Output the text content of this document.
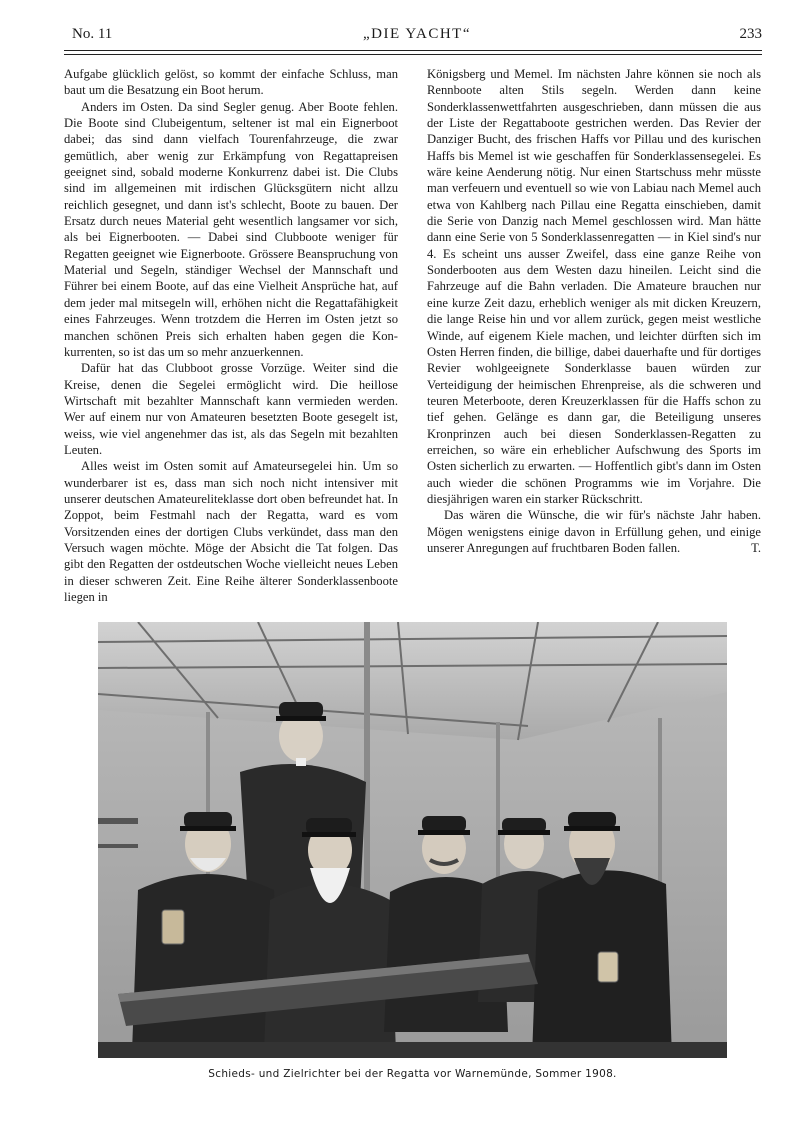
No. 11	„DIE YACHT“	233

Aufgabe glücklich gelöst, so kommt der einfache Schluss, man baut um die Besatzung ein Boot herum.

Anders im Osten. Da sind Segler genug. Aber Boote fehlen. Die Boote sind Clubeigentum, seltener ist mal ein Eignerboot dabei; das sind dann vielfach Tourenfahrzeuge, die zwar gemütlich, aber wenig zur Erkämpfung von Regattapreisen geeignet sind, sobald moderne Konkurrenz dabei ist. Die Clubs sind im allgemeinen mit irdischen Glücksgütern nicht allzu reichlich gesegnet, und dann ist's schlecht, Boote zu bauen. Der Ersatz durch neues Material geht wesentlich langsamer vor sich, als bei Eignerbooten. — Dabei sind Clubboote weniger für Regatten geeignet wie Eignerboote. Grössere Beanspruchung von Material und Segeln, ständiger Wechsel der Mannschaft und Führer bei einem Boote, auf das eine Vielheit Ansprüche hat, auf dem jeder mal mitsegeln will, erhöhen nicht die Regattafähigkeit eines Fahrzeuges. Wenn trotzdem die Herren im Osten jetzt so manchen schönen Preis sich erhalten haben gegen die Konkurrenten, so ist das um so mehr anzuerkennen.

Dafür hat das Clubboot grosse Vorzüge. Weiter sind die Kreise, denen die Segelei ermöglicht wird. Die heillose Wirtschaft mit bezahlter Mannschaft kann vermieden werden. Wer auf einem nur von Amateuren besetzten Boote gesegelt ist, weiss, wie viel angenehmer das ist, als das Segeln mit bezahlten Leuten.

Alles weist im Osten somit auf Amateursegelei hin. Um so wunderbarer ist es, dass man sich noch nicht intensiver mit unserer deutschen Amateureliteklasse dort oben befreundet hat. In Zoppot, beim Festmahl nach der Regatta, ward es vom Vorsitzenden eines der dortigen Clubs verkündet, dass man den Versuch wagen möchte. Möge der Absicht die Tat folgen. Das gibt den Regatten der ostdeutschen Woche vielleicht neues Leben in dieser schweren Zeit. Eine Reihe älterer Sonderklassenboote liegen in

Königsberg und Memel. Im nächsten Jahre können sie noch als Rennboote alten Stils segeln. Werden dann keine Sonderklassenwettfahrten ausgeschrieben, dann müssen die aus der Liste der Regattaboote gestrichen werden. Das Revier der Danziger Bucht, des frischen Haffs vor Pillau und des kurischen Haffs bis Memel ist wie geschaffen für Sonderklassensegelei. Es wäre keine Aenderung nötig. Nur einen Startschuss mehr müsste man verfeuern und eventuell so wie von Labiau nach Memel auch etwa von Kahlberg nach Pillau eine Regatta einschieben, damit die Serie von Danzig nach Memel geschlossen wird. Man hätte dann eine Serie von 5 Sonderklassenregatten — in Kiel sind's nur 4. Es scheint uns ausser Zweifel, dass eine ganze Reihe von Sonderbooten aus dem Westen dazu hineilen. Leicht sind die Fahrzeuge auf die Bahn verladen. Die Amateure brauchen nur eine kurze Zeit dazu, erheblich weniger als mit dicken Kreuzern, die lange Reise hin und vor allem zurück, gegen meist westliche Winde, auf eigenem Kiele machen, und leichter dürften sich im Osten Herren finden, die billige, dabei dauerhafte und für dortiges Revier wohlgeeignete Sonderklasse bauen würden zur Verteidigung der heimischen Ehrenpreise, als die schweren und teuren Meterboote, deren Kreuzerklassen für die Haffs schon zu tief gehen. Gelänge es dann gar, die Beteiligung unseres Kronprinzen auch bei diesen Sonderklassen-Regatten zu erreichen, so wäre ein erheblicher Aufschwung des Sports im Osten sicherlich zu erwarten. — Hoffentlich gibt's dann im Osten auch wieder die schönen Programms wie im Vorjahre. Die diesjährigen waren ein starker Rückschritt.

Das wären die Wünsche, die wir für's nächste Jahr haben. Mögen wenigstens einige davon in Erfüllung gehen, und einige unserer Anregungen auf fruchtbaren Boden fallen.	T.

Schieds- und Zielrichter bei der Regatta vor Warnemünde, Sommer 1908.
